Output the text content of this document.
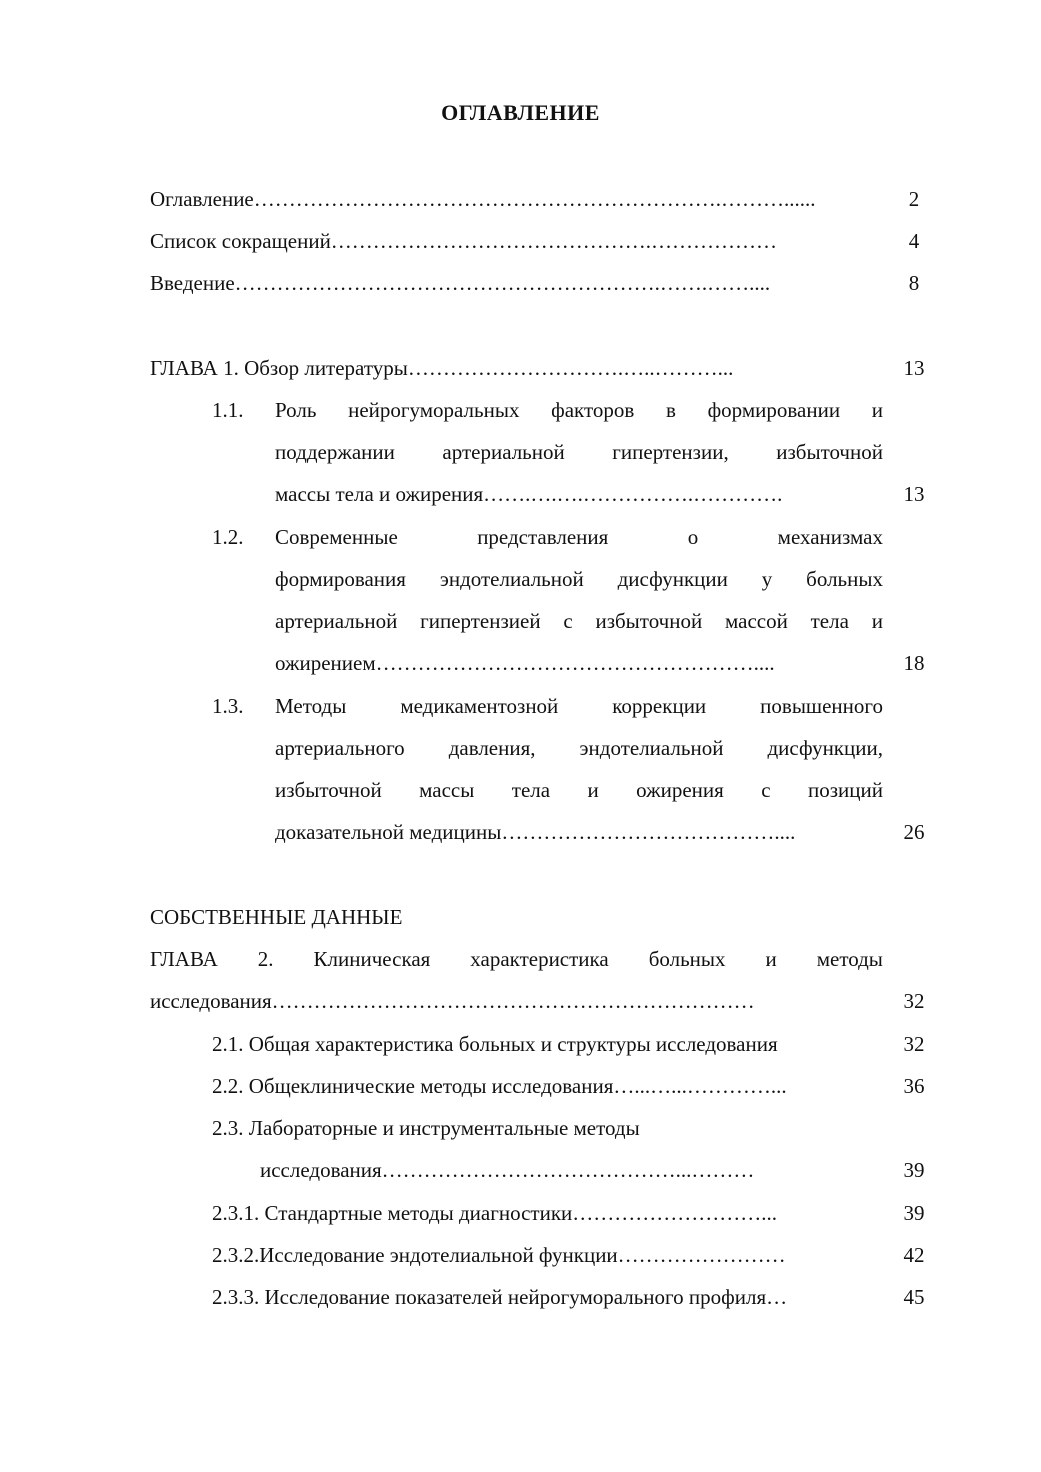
ОГЛАВЛЕНИЕ
Оглавление………………………………………………………….………......	2
Список сокращений……………………………………….………………	4
Введение…………………………………………………….…….……....	8
ГЛАВА 1. Обзор литературы………………………….…..………...	13
1.1.	Роль нейрогуморальных факторов в формировании и
поддержании артериальной гипертензии, избыточной
массы тела и ожирения…….….….…………….………….	13
1.2.	Современные	представления	о	механизмах
формирования эндотелиальной дисфункции у больных
артериальной гипертензией с избыточной массой тела и
ожирением………………………………………………....	18
1.3.	Методы	медикаментозной	коррекции	повышенного
артериального давления, эндотелиальной дисфункции,
избыточной массы тела и ожирения с позиций
доказательной медицины…………………………………....	26
СОБСТВЕННЫЕ ДАННЫЕ
ГЛАВА 2. Клиническая характеристика больных и методы
исследования……………………………………………………………	32
2.1. Общая характеристика больных и структуры исследования	32
2.2. Общеклинические методы исследования…...…...…………...	36
2.3. Лабораторные и инструментальные методы
исследования……………………………………...………	39
2.3.1. Стандартные методы диагностики………………………...	39
2.3.2.Исследование эндотелиальной функции……………………	42
2.3.3. Исследование показателей нейрогуморального профиля…	45
